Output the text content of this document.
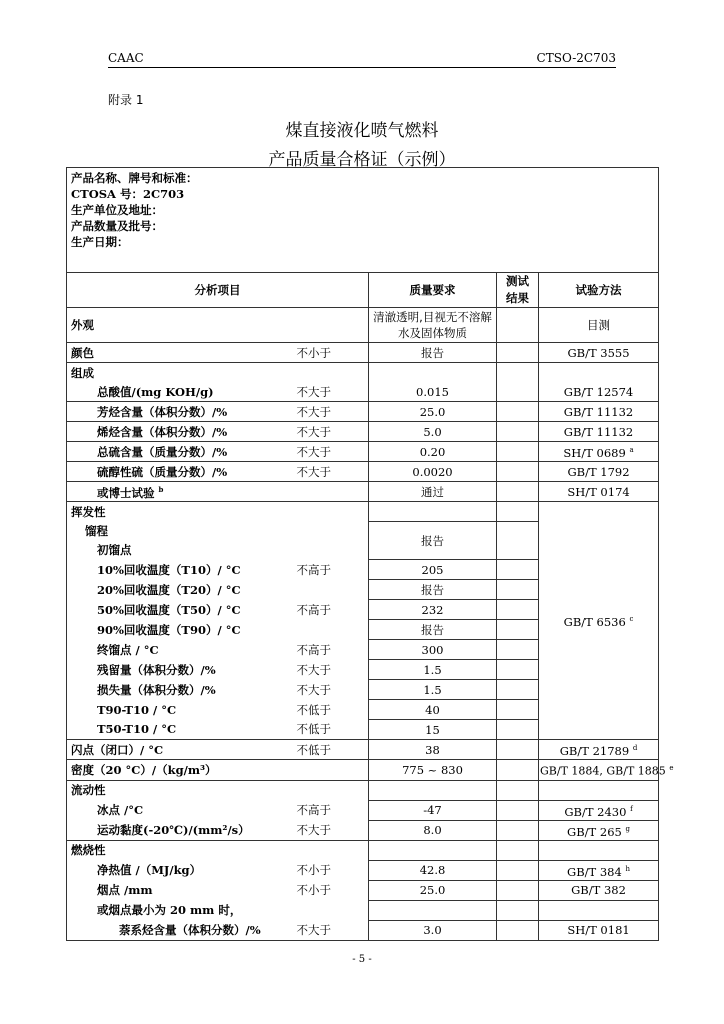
CAAC	CTSO-2C703
附录 1
煤直接液化喷气燃料
产品质量合格证（示例）
产品名称、牌号和标准：
CTOSA 号：2C703
生产单位及地址：
产品数量及批号：
生产日期：				

分析项目		质量要求	测试结果	试验方法
外观		清澈透明,目视无不溶解水及固体物质		目测
颜色	不小于	报告		GB/T 3555
组成				
总酸值/(mg KOH/g)	不大于	0.015		GB/T 12574
芳烃含量（体积分数）/%	不大于	25.0		GB/T 11132
烯烃含量（体积分数）/%	不大于	5.0		GB/T 11132
总硫含量（质量分数）/%	不大于	0.20		SH/T 0689 $^a$
硫醇性硫（质量分数）/%	不大于	0.0020		GB/T 1792
或博士试验 $^b$		通过		SH/T 0174
挥发性				GB/T 6536 $^c$
馏程		报告		
初馏点				
10%回收温度（T10）/ °C	不高于	205		
20%回收温度（T20）/ °C		报告		
50%回收温度（T50）/ °C	不高于	232		
90%回收温度（T90）/ °C		报告		
终馏点 / °C	不高于	300		
残留量（体积分数）/%	不大于	1.5		
损失量（体积分数）/%	不大于	1.5		
T90-T10 / °C	不低于	40		
T50-T10 / °C	不低于	15		
闪点（闭口）/ °C	不低于	38		GB/T 21789 $^d$
密度（20 °C）/（kg/m³）		775 ~ 830		GB/T 1884, GB/T 1885 $^e$
流动性				
冰点 /°C	不高于	-47		GB/T 2430 $^f$
运动黏度(-20℃)/(mm²/s）	不大于	8.0		GB/T 265 $^g$
燃烧性				
净热值 /（MJ/kg）	不小于	42.8		GB/T 384 $^h$
烟点 /mm	不小于	25.0		GB/T 382
或烟点最小为 20 mm 时，				
萘系烃含量（体积分数）/%	不大于	3.0		SH/T 0181
- 5 -
